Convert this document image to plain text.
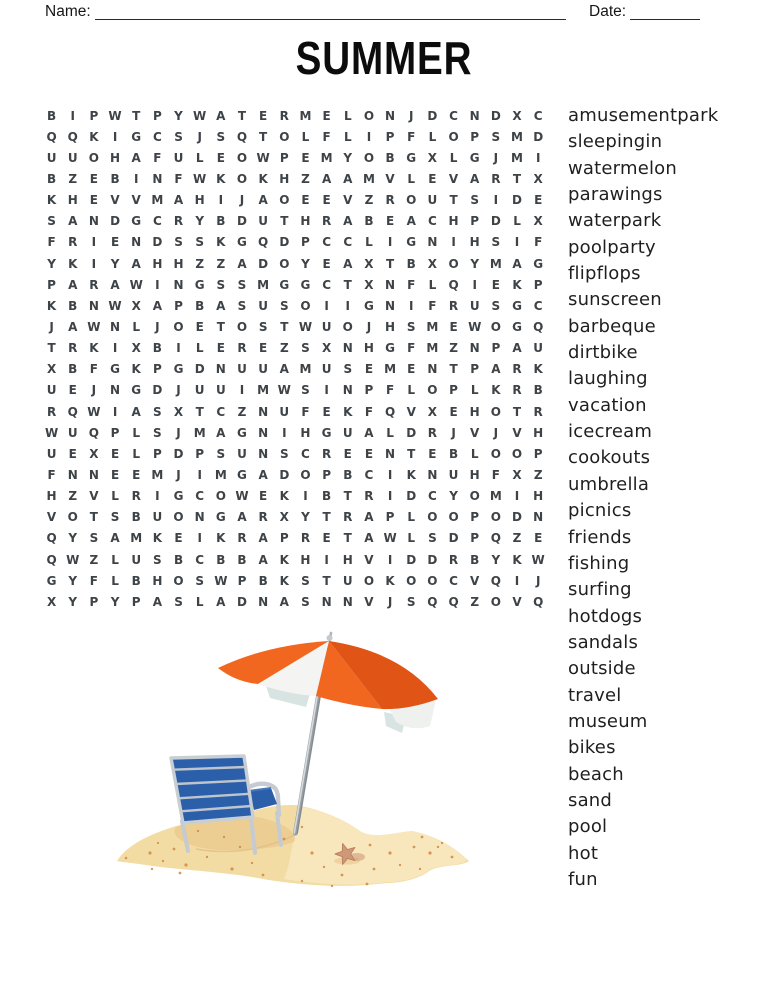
Name:	Date:
SUMMER
B	I	P W T	P	Y W A	T	E	R M E	L	O N	J	D C N D X	C
Q Q K	I	G C	S	J	S Q T O	L	F	L	I	P	F	L	O P	S M D
U U O H A	F	U	L	E O W P	E M Y O B G X	L	G	J	M	I
B	Z	E	B	I	N	F W K O K H Z	A A M V	L	E	V A R	T	X
K H	E	V V M A H	I	J	A O E	E	V	Z	R O U	T	S	I	D	E
S	A N D G C	R	Y	B D U	T	H R A B	E	A	C H P D	L	X
F	R	I	E	N D S	S	K G Q D P	C	C	L	I	G N	I	H S	I	F
Y	K	I	Y	A H H Z	Z	A D O Y	E	A X	T	B X O Y M A G
P	A R A W	I	N G S	S M G G C	T	X N	F	L	Q	I	E	K	P
K B N W X A	P	B A	S U S O	I	I	G N	I	F	R U S G C
J	A W N	L	J	O E	T O S	T W U O	J	H S M E W O G Q
T	R K	I	X B	I	L	E	R	E	Z	S	X N H G	F M Z N P	A U
X B	F	G K	P G D N U U A M U S	E M E	N	T	P	A R K
U	E	J	N G D	J	U U	I	M W S	I	N P	F	L	O P	L	K R B
R Q W	I	A	S	X	T	C	Z N U	F	E	K	F Q V X	E	H O T	R
W U Q P	L	S	J	M A G N	I	H G U A	L	D R	J	V	J	V H
U	E	X	E	L	P D P	S U N S	C	R	E	E	N	T	E	B	L	O O P
F	N N	E	E M	J	I	M G A D O P	B	C	I	K N U H	F	X	Z
H Z	V	L	R	I	G C O W E	K	I	B	T	R	I	D C	Y O M	I	H
V O T	S	B U O N G A R X	Y	T	R A	P	L	O O P O D N
Q Y	S	A M K	E	I	K R A	P	R	E	T	A W L	S D P Q Z	E
Q W Z	L	U S	B	C	B	B A K H	I	H V	I	D D R B	Y	K W
G Y	F	L	B H O S W P	B K	S	T	U O K O O C	V Q	I	J
X	Y	P	Y	P	A	S	L	A D N A	S N N V	J	S Q Q Z O V Q
amusementpark
sleepingin
watermelon
parawings
waterpark
poolparty
flipflops
sunscreen
barbeque
dirtbike
laughing
vacation
icecream
cookouts
umbrella
picnics
friends
fishing
surfing
hotdogs
sandals
outside
travel
museum
bikes
beach
sand
pool
hot
fun
